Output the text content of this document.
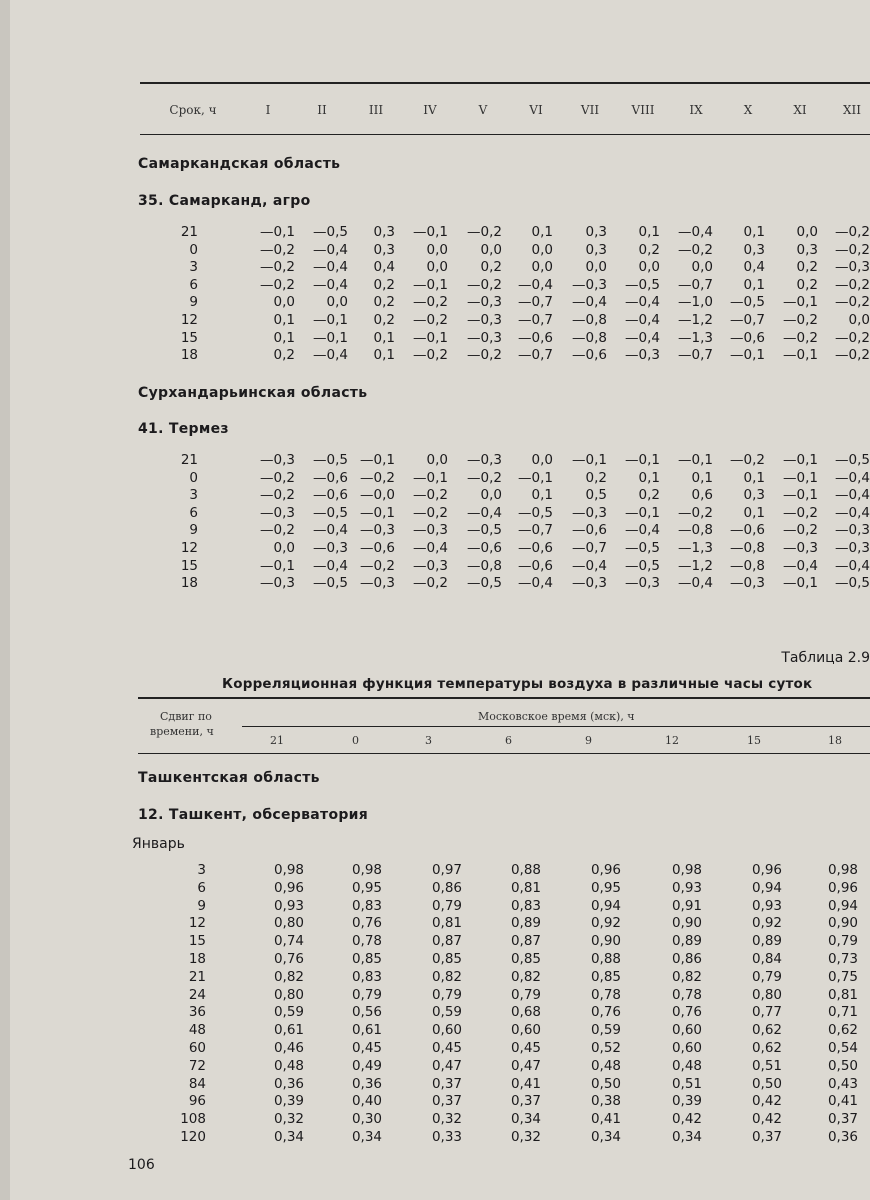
Срок, ч	I	II	III	IV	V	VI	VII	VIII	IX	X	XI	XII
Самаркандская область
35. Самарканд, агро
21	—0,1 —0,5 0,3 —0,1 —0,2 0,1 0,3 0,1 —0,4 0,1 0,0 —0,2
0	—0,2 —0,4 0,3 0,0 0,0 0,0 0,3 0,2 —0,2 0,3 0,3 —0,2
3	—0,2 —0,4 0,4 0,0 0,2 0,0 0,0 0,0 0,0 0,4 0,2 —0,3
6	—0,2 —0,4 0,2 —0,1 —0,2 —0,4 —0,3 —0,5 —0,7 0,1 0,2 —0,2
9	0,0 0,0 0,2 —0,2 —0,3 —0,7 —0,4 —0,4 —1,0 —0,5 —0,1 —0,2
12	0,1 —0,1 0,2 —0,2 —0,3 —0,7 —0,8 —0,4 —1,2 —0,7 —0,2 0,0
15	0,1 —0,1 0,1 —0,1 —0,3 —0,6 —0,8 —0,4 —1,3 —0,6 —0,2 —0,2
18	0,2 —0,4 0,1 —0,2 —0,2 —0,7 —0,6 —0,3 —0,7 —0,1 —0,1 —0,2
Сурхандарьинская область
41. Термез
21	—0,3 —0,5 —0,1 0,0 —0,3 0,0 —0,1 —0,1 —0,1 —0,2 —0,1 —0,5
0	—0,2 —0,6 —0,2 —0,1 —0,2 —0,1 0,2 0,1 0,1 0,1 —0,1 —0,4
3	—0,2 —0,6 —0,0 —0,2 0,0 0,1 0,5 0,2 0,6 0,3 —0,1 —0,4
6	—0,3 —0,5 —0,1 —0,2 —0,4 —0,5 —0,3 —0,1 —0,2 0,1 —0,2 —0,4
9	—0,2 —0,4 —0,3 —0,3 —0,5 —0,7 —0,6 —0,4 —0,8 —0,6 —0,2 —0,3
12	0,0 —0,3 —0,6 —0,4 —0,6 —0,6 —0,7 —0,5 —1,3 —0,8 —0,3 —0,3
15	—0,1 —0,4 —0,2 —0,3 —0,8 —0,6 —0,4 —0,5 —1,2 —0,8 —0,4 —0,4
18	—0,3 —0,5 —0,3 —0,2 —0,5 —0,4 —0,3 —0,3 —0,4 —0,3 —0,1 —0,5
Таблица 2.9
Корреляционная функция температуры воздуха в различные часы суток
Сдвиг по
времени, ч
Московское время (мск), ч
21	0	3	6	9	12	15	18
Ташкентская область
12. Ташкент, обсерватория
Январь
3	0,98	0,98	0,97	0,88	0,96	0,98	0,96	0,98
6	0,96	0,95	0,86	0,81	0,95	0,93	0,94	0,96
9	0,93	0,83	0,79	0,83	0,94	0,91	0,93	0,94
12	0,80	0,76	0,81	0,89	0,92	0,90	0,92	0,90
15	0,74	0,78	0,87	0,87	0,90	0,89	0,89	0,79
18	0,76	0,85	0,85	0,85	0,88	0,86	0,84	0,73
21	0,82	0,83	0,82	0,82	0,85	0,82	0,79	0,75
24	0,80	0,79	0,79	0,79	0,78	0,78	0,80	0,81
36	0,59	0,56	0,59	0,68	0,76	0,76	0,77	0,71
48	0,61	0,61	0,60	0,60	0,59	0,60	0,62	0,62
60	0,46	0,45	0,45	0,45	0,52	0,60	0,62	0,54
72	0,48	0,49	0,47	0,47	0,48	0,48	0,51	0,50
84	0,36	0,36	0,37	0,41	0,50	0,51	0,50	0,43
96	0,39	0,40	0,37	0,37	0,38	0,39	0,42	0,41
108	0,32	0,30	0,32	0,34	0,41	0,42	0,42	0,37
120	0,34	0,34	0,33	0,32	0,34	0,34	0,37	0,36
106
